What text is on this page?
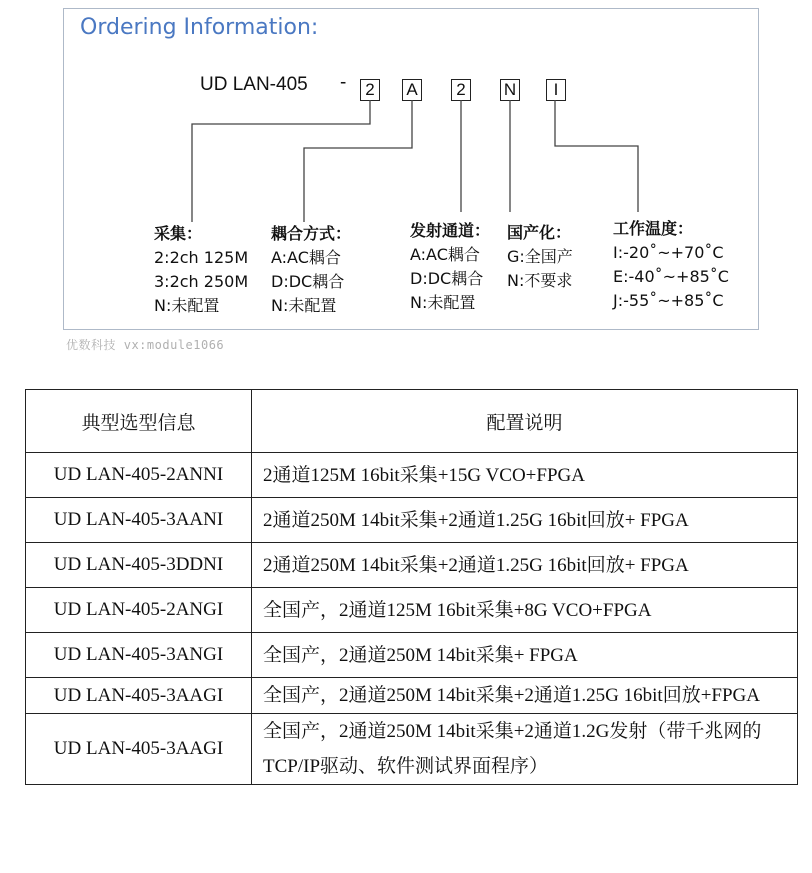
Ordering Information:
UD LAN-405 -	2	A	2	N	I
采集：
2:2ch 125M
3:2ch 250M
N:未配置
耦合方式：
A:AC耦合
D:DC耦合
N:未配置
发射通道：
A:AC耦合
D:DC耦合
N:未配置
国产化：
G:全国产
N:不要求
工作温度：
I:-20˚~+70˚C
E:-40˚~+85˚C
J:-55˚~+85˚C
优数科技 vx:module1066
典型选型信息	配置说明
UD LAN-405-2ANNI	2通道125M 16bit采集+15G VCO+FPGA
UD LAN-405-3AANI	2通道250M 14bit采集+2通道1.25G 16bit回放+ FPGA
UD LAN-405-3DDNI	2通道250M 14bit采集+2通道1.25G 16bit回放+ FPGA
UD LAN-405-2ANGI	全国产，2通道125M 16bit采集+8G VCO+FPGA
UD LAN-405-3ANGI	全国产，2通道250M 14bit采集+ FPGA
UD LAN-405-3AAGI	全国产，2通道250M 14bit采集+2通道1.25G 16bit回放+FPGA
UD LAN-405-3AAGI	全国产，2通道250M 14bit采集+2通道1.2G发射（带千兆网的TCP/IP驱动、软件测试界面程序）
